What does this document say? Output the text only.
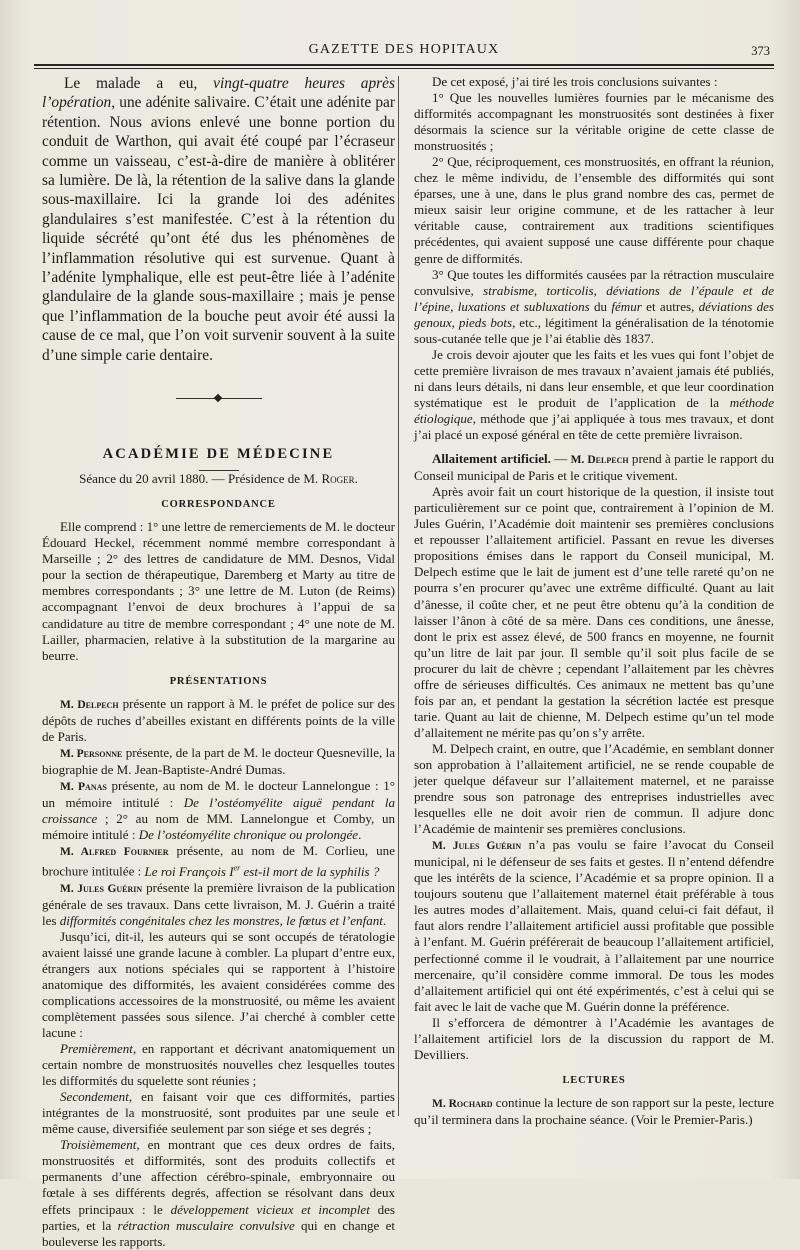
GAZETTE DES HOPITAUX	373

Le malade a eu, vingt-quatre heures après l’opération, une adénite salivaire. C’était une adénite par rétention. Nous avions enlevé une bonne portion du conduit de Warthon, qui avait été coupé par l’écraseur comme un vaisseau, c’est-à-dire de manière à oblitérer sa lumière. De là, la rétention de la salive dans la glande sous-maxillaire. Ici la grande loi des adénites glandulaires s’est manifestée. C’est à la rétention du liquide sécrété qu’ont été dus les phénomènes de l’inflammation résolutive qui est survenue. Quant à l’adénite lymphalique, elle est peut-être liée à l’adénite glandulaire de la glande sous-maxillaire ; mais je pense que l’inflammation de la bouche peut avoir été aussi la cause de ce mal, que l’on voit survenir souvent à la suite d’une simple carie dentaire.

ACADÉMIE DE MÉDECINE

Séance du 20 avril 1880. — Présidence de M. Roger.

CORRESPONDANCE

Elle comprend : 1° une lettre de remerciements de M. le docteur Édouard Heckel, récemment nommé membre correspondant à Marseille ; 2° des lettres de candidature de MM. Desnos, Vidal pour la section de thérapeutique, Daremberg et Marty au titre de membres correspondants ; 3° une lettre de M. Luton (de Reims) accompagnant l’envoi de deux brochures à l’appui de sa candidature au titre de membre correspondant ; 4° une note de M. Lailler, pharmacien, relative à la substitution de la margarine au beurre.

PRÉSENTATIONS

M. Delpech présente un rapport à M. le préfet de police sur des dépôts de ruches d’abeilles existant en différents points de la ville de Paris.

M. Personne présente, de la part de M. le docteur Quesneville, la biographie de M. Jean-Baptiste-André Dumas.

M. Panas présente, au nom de M. le docteur Lannelongue : 1° un mémoire intitulé : De l’ostéomyélite aiguë pendant la croissance ; 2° au nom de MM. Lannelongue et Comby, un mémoire intitulé : De l’ostéomyélite chronique ou prolongée.

M. Alfred Fournier présente, au nom de M. Corlieu, une brochure intitulée : Le roi François Ier est-il mort de la syphilis ?

M. Jules Guérin présente la première livraison de la publication générale de ses travaux. Dans cette livraison, M. J. Guérin a traité les difformités congénitales chez les monstres, le fœtus et l’enfant.

Jusqu’ici, dit-il, les auteurs qui se sont occupés de tératologie avaient laissé une grande lacune à combler. La plupart d’entre eux, étrangers aux notions spéciales qui se rapportent à l’histoire anatomique des difformités, les avaient considérées comme des complications accessoires de la monstruosité, ou même les avaient complètement passées sous silence. J’ai cherché à combler cette lacune :

Premièrement, en rapportant et décrivant anatomiquement un certain nombre de monstruosités nouvelles chez lesquelles toutes les difformités du squelette sont réunies ;

Secondement, en faisant voir que ces difformités, parties intégrantes de la monstruosité, sont produites par une seule et même cause, diversifiée seulement par son siége et ses degrés ;

Troisièmement, en montrant que ces deux ordres de faits, monstruosités et difformités, sont des produits collectifs et permanents d’une affection cérébro-spinale, embryonnaire ou fœtale à ses différents degrés, affection se résolvant dans deux effets principaux : le développement vicieux et incomplet des parties, et la rétraction musculaire convulsive qui en change et bouleverse les rapports.

De cet exposé, j’ai tiré les trois conclusions suivantes :

1° Que les nouvelles lumières fournies par le mécanisme des difformités accompagnant les monstruosités sont destinées à fixer désormais la science sur la véritable origine de cette classe de monstruosités ;

2° Que, réciproquement, ces monstruosités, en offrant la réunion, chez le même individu, de l’ensemble des difformités qui sont éparses, une à une, dans le plus grand nombre des cas, permet de mieux saisir leur origine commune, et de les rattacher à leur véritable cause, contrairement aux traditions scientifiques précédentes, qui avaient supposé une cause différente pour chaque genre de difformités.

3° Que toutes les difformités causées par la rétraction musculaire convulsive, strabisme, torticolis, déviations de l’épaule et de l’épine, luxations et subluxations du fémur et autres, déviations des genoux, pieds bots, etc., légitiment la généralisation de la ténotomie sous-cutanée telle que je l’ai établie dès 1837.

Je crois devoir ajouter que les faits et les vues qui font l’objet de cette première livraison de mes travaux n’avaient jamais été publiés, ni dans leurs détails, ni dans leur ensemble, et que leur coordination systématique est le produit de l’application de la méthode étiologique, méthode que j’ai appliquée à tous mes travaux, et dont j’ai placé un exposé général en tête de cette première livraison.

Allaitement artificiel. — M. Delpech prend à partie le rapport du Conseil municipal de Paris et le critique vivement.

Après avoir fait un court historique de la question, il insiste tout particulièrement sur ce point que, contrairement à l’opinion de M. Jules Guérin, l’Académie doit maintenir ses premières conclusions et repousser l’allaitement artificiel. Passant en revue les diverses propositions émises dans le rapport du Conseil municipal, M. Delpech estime que le lait de jument est d’une telle rareté qu’on ne pourra s’en procurer qu’avec une extrême difficulté. Quant au lait d’ânesse, il coûte cher, et ne peut être obtenu qu’à la condition de laisser l’ânon à côté de sa mère. Dans ces conditions, une ânesse, dont le prix est assez élevé, de 500 francs en moyenne, ne fournit qu’un litre de lait par jour. Il semble qu’il soit plus facile de se procurer du lait de chèvre ; cependant l’allaitement par les chèvres offre de sérieuses difficultés. Ces animaux ne mettent bas qu’une fois par an, et pendant la gestation la sécrétion lactée est presque tarie. Quant au lait de chienne, M. Delpech estime qu’un tel mode d’allaitement ne mérite pas qu’on s’y arrête.

M. Delpech craint, en outre, que l’Académie, en semblant donner son approbation à l’allaitement artificiel, ne se rende coupable de jeter quelque défaveur sur l’allaitement maternel, et ne paraisse prendre sous son patronage des entreprises industrielles avec lesquelles elle ne doit avoir rien de commun. Il adjure donc l’Académie de maintenir ses premières conclusions.

M. Jules Guérin n’a pas voulu se faire l’avocat du Conseil municipal, ni le défenseur de ses faits et gestes. Il n’entend défendre que les intérêts de la science, l’Académie et sa propre opinion. Il a toujours soutenu que l’allaitement maternel était préférable à tous les autres modes d’allaitement. Mais, quand celui-ci fait défaut, il faut alors rendre l’allaitement artificiel aussi profitable que possible à l’enfant. M. Guérin préférerait de beaucoup l’allaitement artificiel, perfectionné comme il le voudrait, à l’allaitement par une nourrice mercenaire, qu’il considère comme immoral. De tous les modes d’allaitement artificiel qui ont été expérimentés, c’est à celui qui se fait avec le lait de vache que M. Guérin donne la préférence.

Il s’efforcera de démontrer à l’Académie les avantages de l’allaitement artificiel lors de la discussion du rapport de M. Devilliers.

LECTURES

M. Rochard continue la lecture de son rapport sur la peste, lecture qu’il terminera dans la prochaine séance. (Voir le Premier-Paris.)
